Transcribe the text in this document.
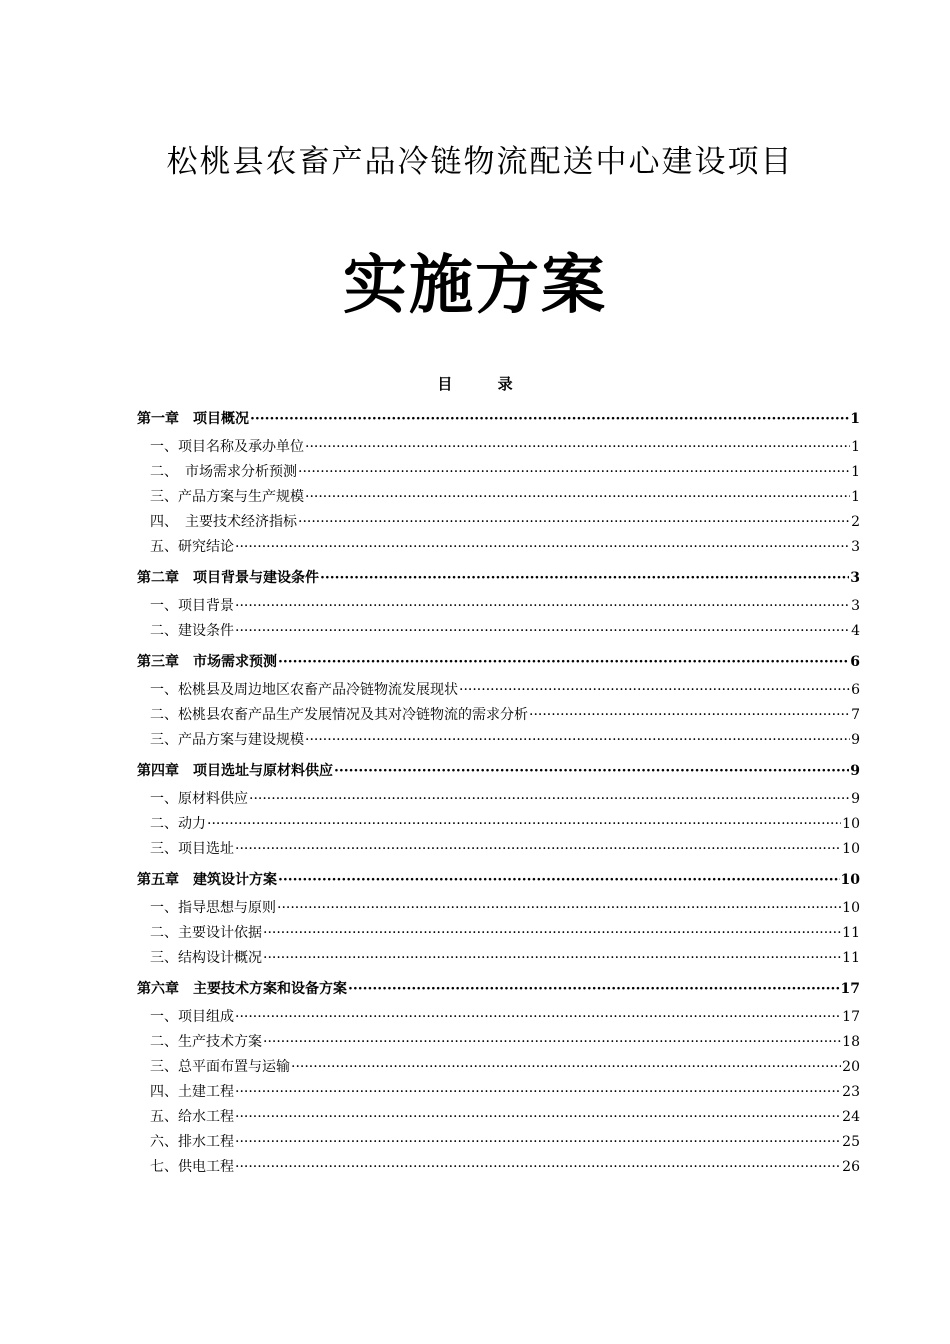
松桃县农畜产品冷链物流配送中心建设项目
实施方案
目 录
第一章　项目概况 ·····	1
一、项目名称及承办单位 ·····	1
二、　市场需求分析预测 ·····	1
三、产品方案与生产规模 ·····	1
四、　主要技术经济指标 ·····	2
五、研究结论 ·····	3
第二章　项目背景与建设条件 ·····	3
一、项目背景 ·····	3
二、建设条件 ·····	4
第三章　市场需求预测 ·····	6
一、松桃县及周边地区农畜产品冷链物流发展现状 ·····	6
二、松桃县农畜产品生产发展情况及其对冷链物流的需求分析 ·····	7
三、产品方案与建设规模 ·····	9
第四章　项目选址与原材料供应 ·····	9
一、原材料供应 ·····	9
二、动力 ·····	10
三、项目选址 ·····	10
第五章　建筑设计方案 ·····	10
一、指导思想与原则 ·····	10
二、主要设计依据 ·····	11
三、结构设计概况 ·····	11
第六章　主要技术方案和设备方案 ·····	17
一、项目组成 ·····	17
二、生产技术方案 ·····	18
三、总平面布置与运输 ·····	20
四、土建工程 ·····	23
五、给水工程 ·····	24
六、排水工程 ·····	25
七、供电工程 ·····	26
